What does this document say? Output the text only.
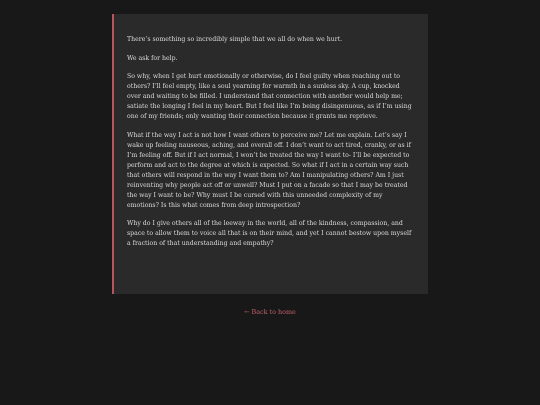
There’s something so incredibly simple that we all do when we hurt.

We ask for help.

So why, when I get hurt emotionally or otherwise, do I feel guilty when reaching out to others? I’ll feel empty, like a soul yearning for warmth in a sunless sky. A cup, knocked over and waiting to be filled. I understand that connection with another would help me; satiate the longing I feel in my heart. But I feel like I’m being disingenuous, as if I’m using one of my friends; only wanting their connection because it grants me reprieve.

What if the way I act is not how I want others to perceive me? Let me explain. Let’s say I wake up feeling nauseous, aching, and overall off. I don’t want to act tired, cranky, or as if I’m feeling off. But if I act normal, I won’t be treated the way I want to- I’ll be expected to perform and act to the degree at which is expected. So what if I act in a certain way such that others will respond in the way I want them to? Am I manipulating others? Am I just reinventing why people act off or unwell? Must I put on a facade so that I may be treated the way I want to be? Why must I be cursed with this unneeded complexity of my emotions? Is this what comes from deep introspection?

Why do I give others all of the leeway in the world, all of the kindness, compassion, and space to allow them to voice all that is on their mind, and yet I cannot bestow upon myself a fraction of that understanding and empathy?

← Back to home
